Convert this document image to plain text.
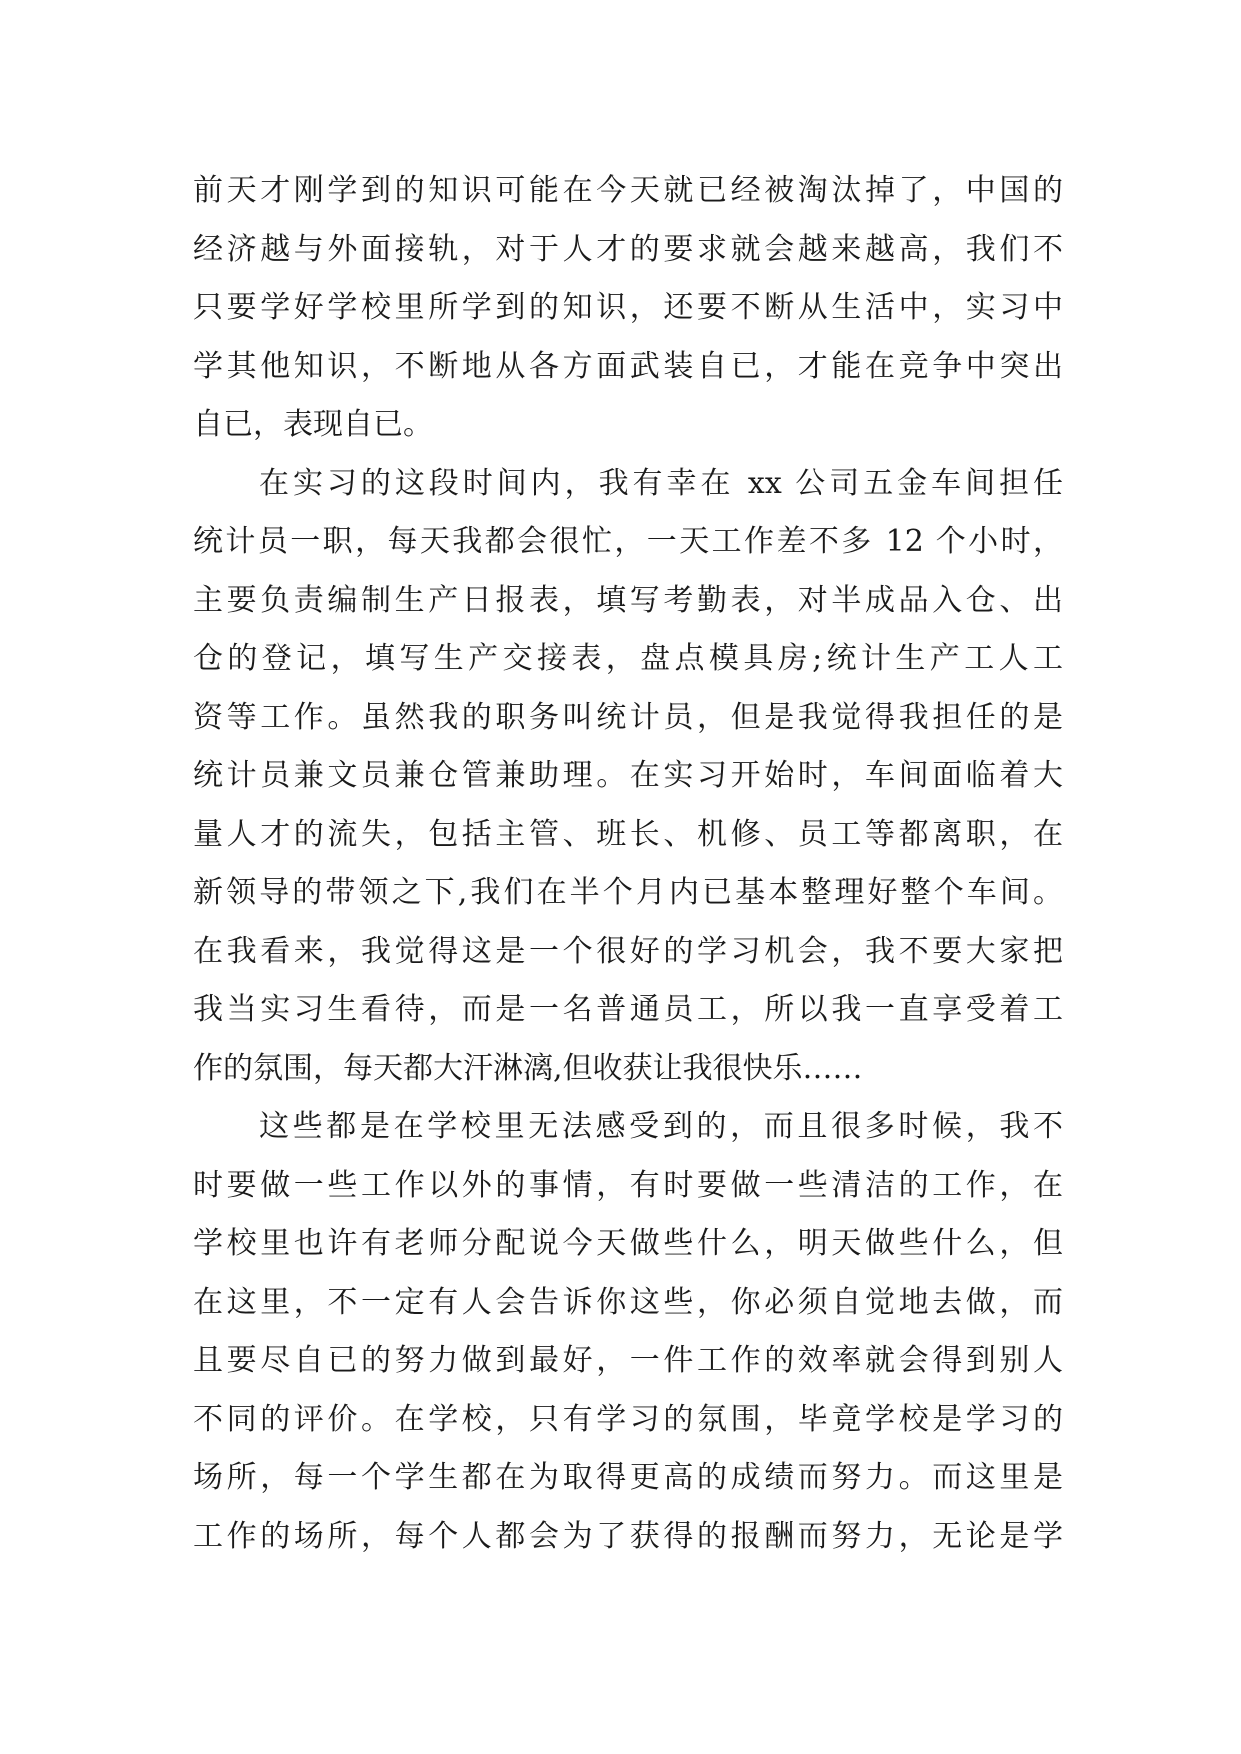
前天才刚学到的知识可能在今天就已经被淘汰掉了，中国的
经济越与外面接轨，对于人才的要求就会越来越高，我们不
只要学好学校里所学到的知识，还要不断从生活中，实习中
学其他知识，不断地从各方面武装自已，才能在竞争中突出
自已，表现自已。
在实习的这段时间内，我有幸在 xx 公司五金车间担任
统计员一职，每天我都会很忙，一天工作差不多 12 个小时，
主要负责编制生产日报表，填写考勤表，对半成品入仓、出
仓的登记，填写生产交接表，盘点模具房;统计生产工人工
资等工作。虽然我的职务叫统计员，但是我觉得我担任的是
统计员兼文员兼仓管兼助理。在实习开始时，车间面临着大
量人才的流失，包括主管、班长、机修、员工等都离职，在
新领导的带领之下,我们在半个月内已基本整理好整个车间。
在我看来，我觉得这是一个很好的学习机会，我不要大家把
我当实习生看待，而是一名普通员工，所以我一直享受着工
作的氛围，每天都大汗淋漓,但收获让我很快乐……
这些都是在学校里无法感受到的，而且很多时候，我不
时要做一些工作以外的事情，有时要做一些清洁的工作，在
学校里也许有老师分配说今天做些什么，明天做些什么，但
在这里，不一定有人会告诉你这些，你必须自觉地去做，而
且要尽自已的努力做到最好，一件工作的效率就会得到别人
不同的评价。在学校，只有学习的氛围，毕竟学校是学习的
场所，每一个学生都在为取得更高的成绩而努力。而这里是
工作的场所，每个人都会为了获得的报酬而努力，无论是学
